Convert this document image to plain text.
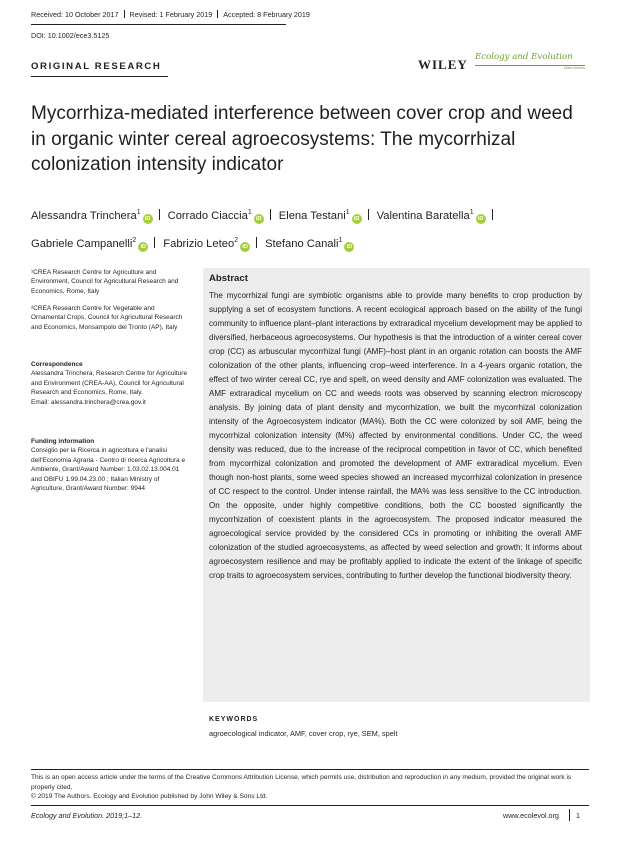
Received: 10 October 2017 Revised: 1 February 2019 Accepted: 8 February 2019
DOI: 10.1002/ece3.5125
ORIGINAL RESEARCH	WILEY Ecology and Evolution
Open Access
Mycorrhiza-mediated interference between cover crop and weed in organic winter cereal agroecosystems: The mycorrhizal colonization intensity indicator
Alessandra Trinchera$^1$iD Corrado Ciaccia$^1$iD Elena Testani$^1$iD Valentina Baratella$^1$iD
Gabriele Campanelli$^2$iD Fabrizio Leteo$^2$iD Stefano Canali$^1$iD
¹CREA Research Centre for Agriculture and Environment, Council for Agricultural Research and Economics, Rome, Italy
²CREA Research Centre for Vegetable and Ornamental Crops, Council for Agricultural Research and Economics, Monsampolo del Tronto (AP), Italy
Correspondence
Alessandra Trinchera, Research Centre for Agriculture and Environment (CREA-AA), Council for Agricultural Research and Economics, Rome, Italy.
Email: alessandra.trinchera@crea.gov.it
Funding information
Consiglio per la Ricerca in agricoltura e l'analisi dell'Economia Agraria - Centro di ricerca Agricoltura e Ambiente, Grant/Award Number: 1.03.02.13.004.01 and OBIFU 1.99.04.23.00 ; Italian Ministry of Agriculture, Grant/Award Number: 9944
Abstract
The mycorrhizal fungi are symbiotic organisms able to provide many benefits to crop production by supplying a set of ecosystem functions. A recent ecological approach based on the ability of the fungi community to influence plant–plant interactions by extraradical mycelium development may be applied to diversified, herbaceous agroecosystems. Our hypothesis is that the introduction of a winter cereal cover crop (CC) as arbuscular mycorrhizal fungi (AMF)–host plant in an organic rotation can boosts the AMF colonization of the other plants, influencing crop–weed interference. In a 4-years organic rotation, the effect of two winter cereal CC, rye and spelt, on weed density and AMF colonization was evaluated. The AMF extraradical mycelium on CC and weeds roots was observed by scanning electron microscopy analysis. By joining data of plant density and mycorrhization, we built the mycorrhizal colonization intensity of the Agroecosystem indicator (MA%). Both the CC were colonized by soil AMF, being the mycorrhizal colonization intensity (M%) affected by environmental conditions. Under CC, the weed density was reduced, due to the increase of the reciprocal competition in favor of CC, which benefited from mycorrhizal colonization and promoted the development of AMF extraradical mycelium. Even though non-host plants, some weed species showed an increased mycorrhizal colonization in presence of CC respect to the control. Under intense rainfall, the MA% was less sensitive to the CC introduction. On the opposite, under highly competitive conditions, both the CC boosted significantly the mycorrhization of coexistent plants in the agroecosystem. The proposed indicator measured the agroecological service provided by the considered CCs in promoting or inhibiting the overall AMF colonization of the studied agroecosystems, as affected by weed selection and growth: It informs about agroecosystem resilience and may be profitably applied to indicate the extent of the linkage of specific crop traits to agroecosystem services, contributing to further develop the functional biodiversity theory.
KEYWORDS
agroecological indicator, AMF, cover crop, rye, SEM, spelt
This is an open access article under the terms of the Creative Commons Attribution License, which permits use, distribution and reproduction in any medium, provided the original work is properly cited.
© 2019 The Authors. Ecology and Evolution published by John Wiley & Sons Ltd.
Ecology and Evolution. 2019;1–12.	www.ecolevol.org 1
